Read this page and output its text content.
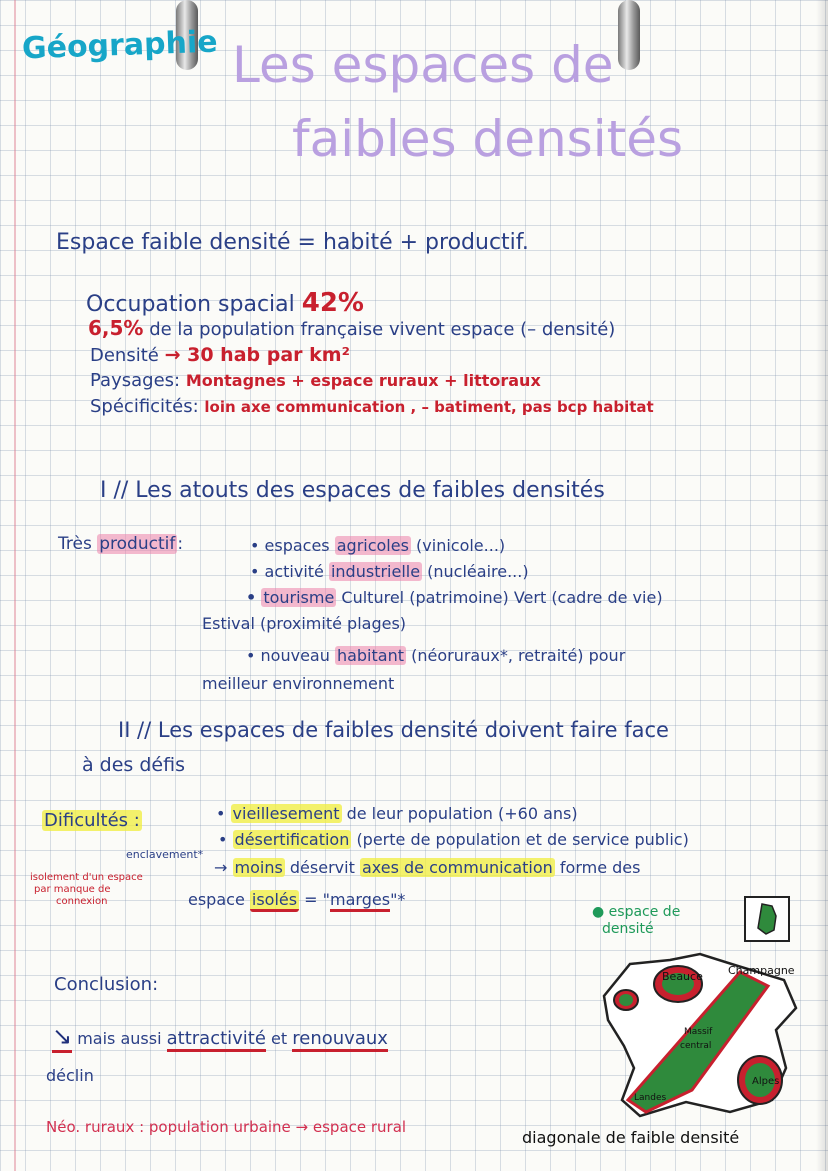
Géographie Les espaces de
faibles densités
Espace faible densité = habité + productif.
Occupation spacial 42%
6,5% de la population française vivent espace (– densité)
Densité → 30 hab par km²
Paysages: Montagnes + espace ruraux + littoraux
Spécificités: loin axe communication , – batiment, pas bcp habitat
I // Les atouts des espaces de faibles densités
Très productif :	• espaces agricoles (vinicole...)
• activité industrielle (nucléaire...)
• tourisme Culturel (patrimoine) Vert (cadre de vie)
Estival (proximité plages)
• nouveau habitant (néoruraux*, retraité) pour
meilleur environnement
II // Les espaces de faibles densité doivent faire face
à des défis
Dificultés :	• vieillesement de leur population (+60 ans)
• désertification (perte de population et de service public)
enclavement*
→ moins déservit axes de communication forme des
espace isolés = "marges"*
isolement d'un espace
par manque de
connexion
● espace de
densité
Conclusion:
↘ mais aussi attractivité et renouvaux
déclin
Néo. ruraux : population urbaine → espace rural
Beauce Champagne
Massif
central
Alpes
Landes
diagonale de faible densité
